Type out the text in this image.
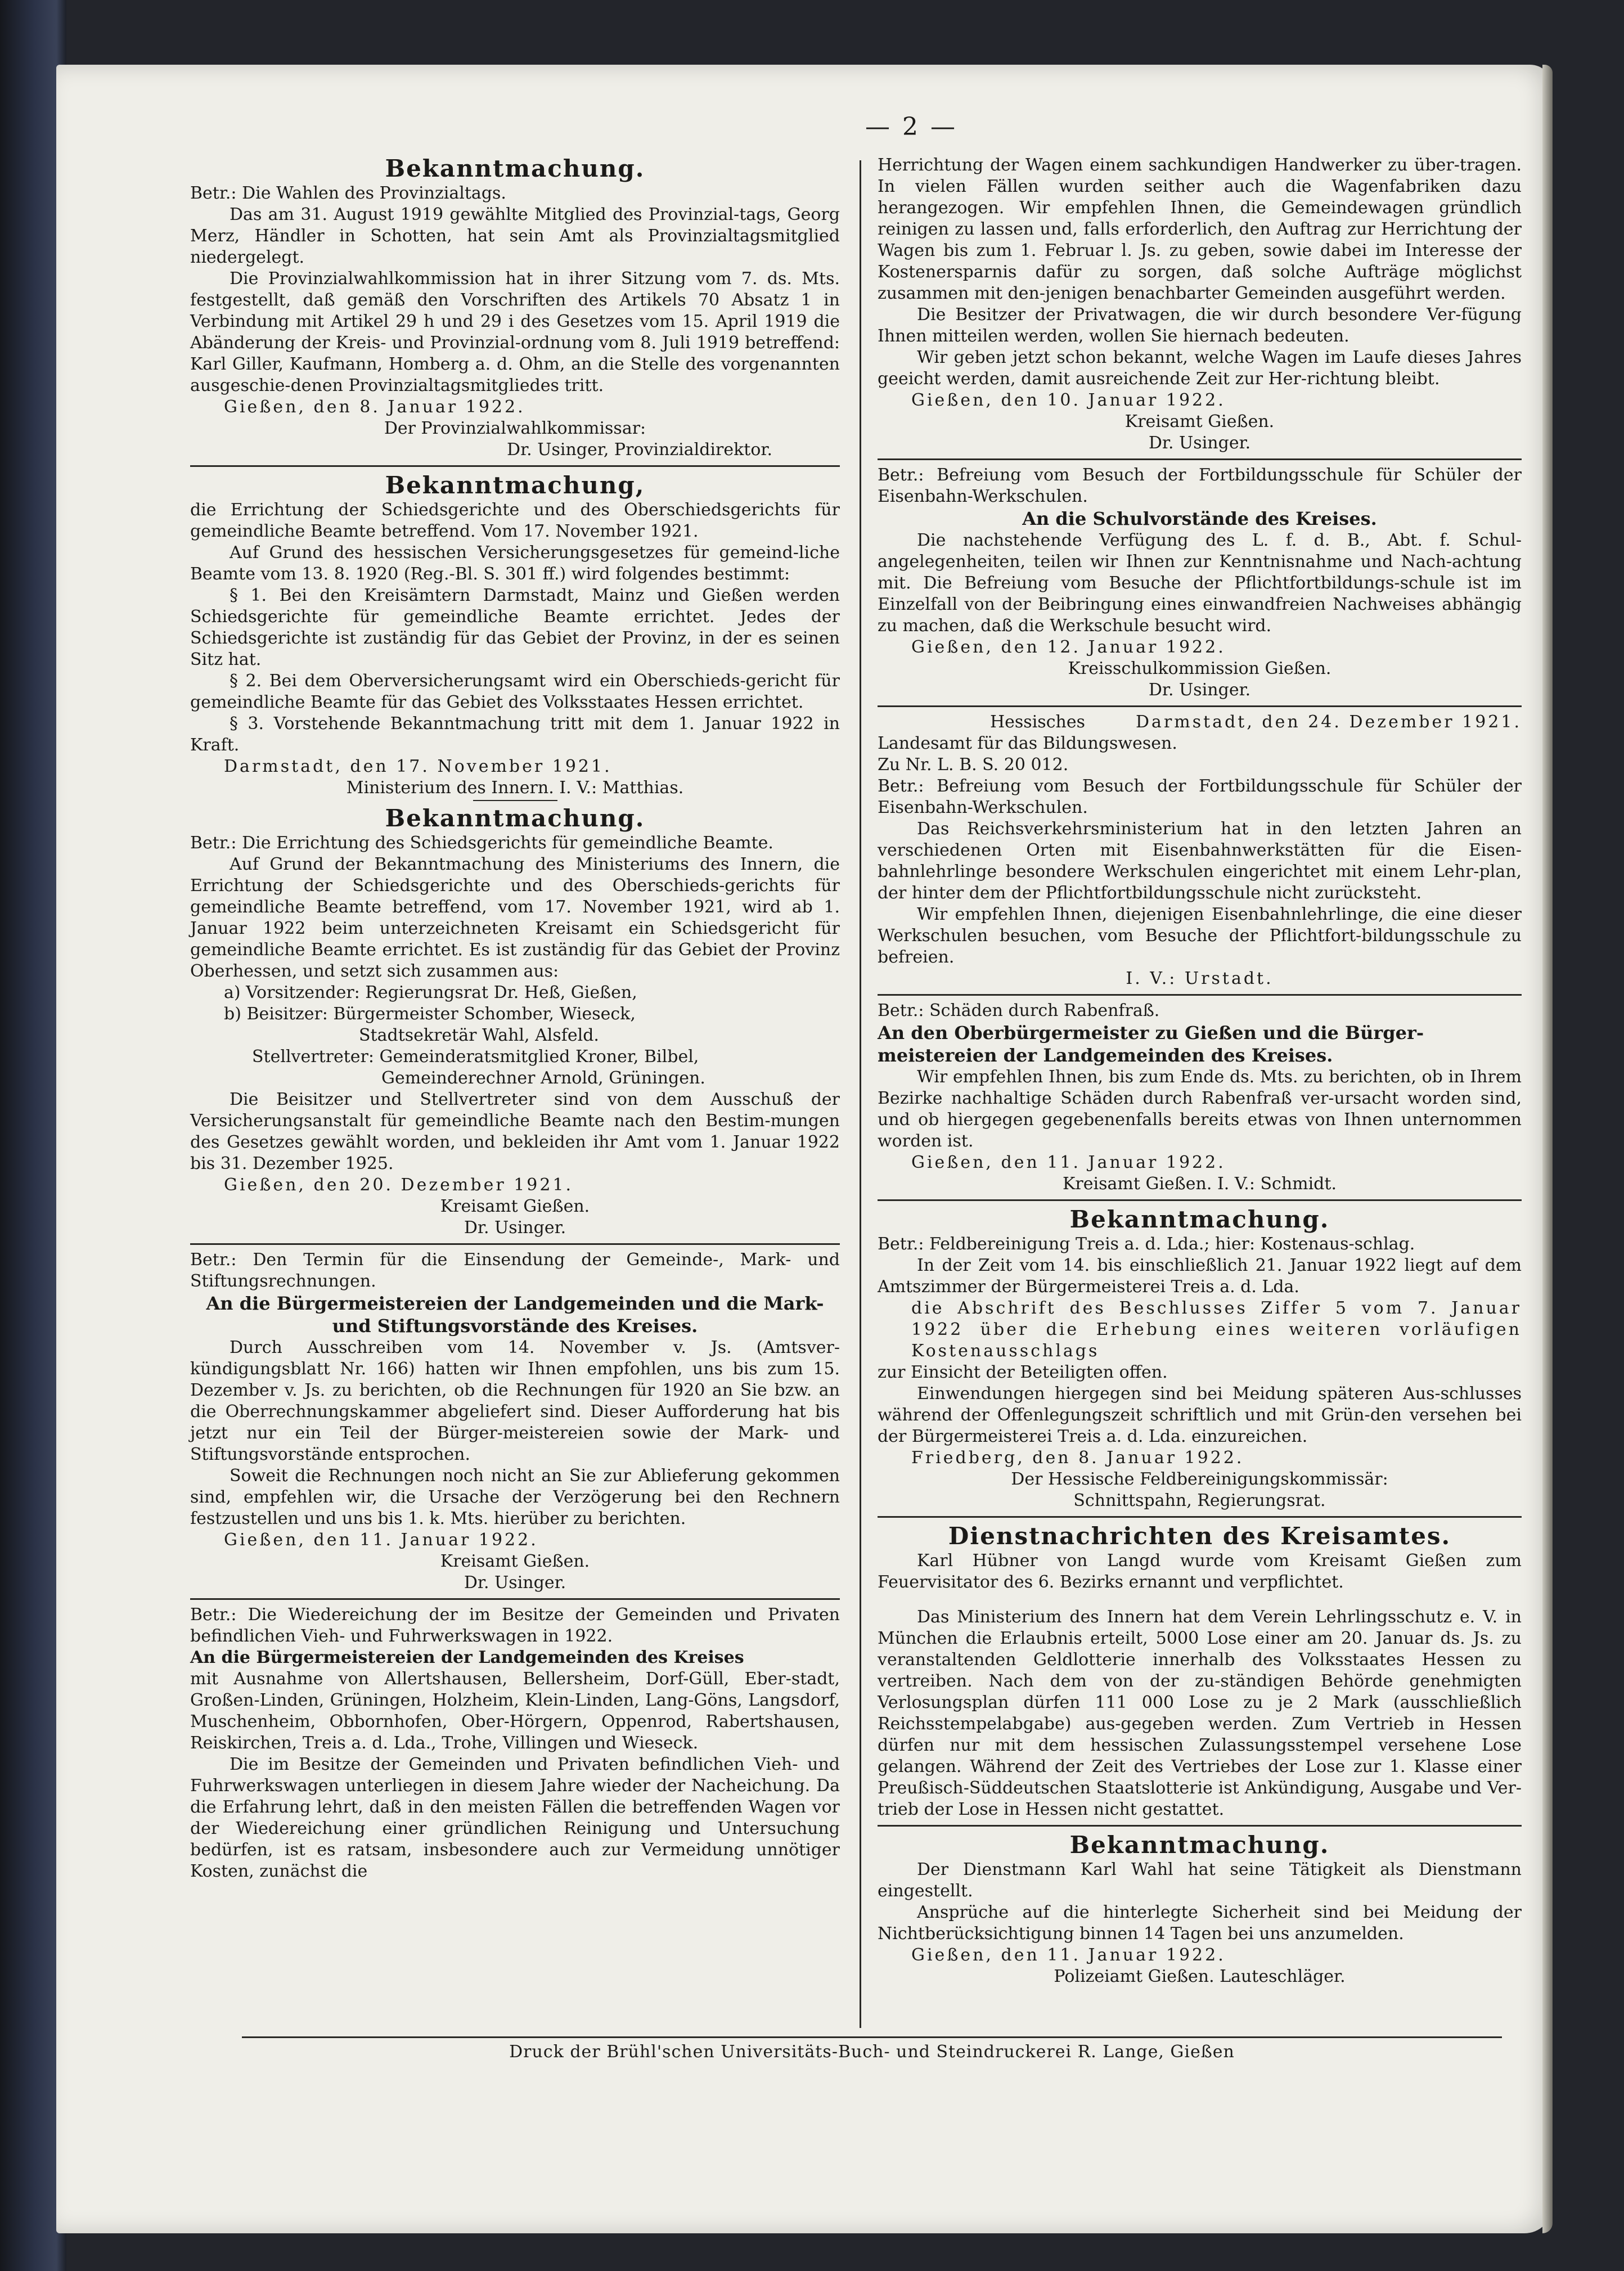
— 2 —
Bekanntmachung.
Betr.: Die Wahlen des Provinzialtags.
Das am 31. August 1919 gewählte Mitglied des Provinzial-tags, Georg Merz, Händler in Schotten, hat sein Amt als Provinzialtagsmitglied niedergelegt.
Die Provinzialwahlkommission hat in ihrer Sitzung vom 7. ds. Mts. festgestellt, daß gemäß den Vorschriften des Artikels 70 Absatz 1 in Verbindung mit Artikel 29 h und 29 i des Gesetzes vom 15. April 1919 die Abänderung der Kreis- und Provinzial-ordnung vom 8. Juli 1919 betreffend: Karl Giller, Kaufmann, Homberg a. d. Ohm, an die Stelle des vorgenannten ausgeschie-denen Provinzialtagsmitgliedes tritt.
Gießen, den 8. Januar 1922.
Der Provinzialwahlkommissar:
Dr. Usinger, Provinzialdirektor.
Bekanntmachung,
die Errichtung der Schiedsgerichte und des Oberschiedsgerichts für gemeindliche Beamte betreffend. Vom 17. November 1921.
Auf Grund des hessischen Versicherungsgesetzes für gemeind-liche Beamte vom 13. 8. 1920 (Reg.-Bl. S. 301 ff.) wird folgendes bestimmt:
§ 1. Bei den Kreisämtern Darmstadt, Mainz und Gießen werden Schiedsgerichte für gemeindliche Beamte errichtet. Jedes der Schiedsgerichte ist zuständig für das Gebiet der Provinz, in der es seinen Sitz hat.
§ 2. Bei dem Oberversicherungsamt wird ein Oberschieds-gericht für gemeindliche Beamte für das Gebiet des Volksstaates Hessen errichtet.
§ 3. Vorstehende Bekanntmachung tritt mit dem 1. Januar 1922 in Kraft.
Darmstadt, den 17. November 1921.
Ministerium des Innern. I. V.: Matthias.
Bekanntmachung.
Betr.: Die Errichtung des Schiedsgerichts für gemeindliche Beamte.
Auf Grund der Bekanntmachung des Ministeriums des Innern, die Errichtung der Schiedsgerichte und des Oberschieds-gerichts für gemeindliche Beamte betreffend, vom 17. November 1921, wird ab 1. Januar 1922 beim unterzeichneten Kreisamt ein Schiedsgericht für gemeindliche Beamte errichtet. Es ist zuständig für das Gebiet der Provinz Oberhessen, und setzt sich zusammen aus:
a) Vorsitzender: Regierungsrat Dr. Heß, Gießen,
b) Beisitzer: Bürgermeister Schomber, Wieseck,
Stadtsekretär Wahl, Alsfeld.
Stellvertreter: Gemeinderatsmitglied Kroner, Bilbel,
Gemeinderechner Arnold, Grüningen.
Die Beisitzer und Stellvertreter sind von dem Ausschuß der Versicherungsanstalt für gemeindliche Beamte nach den Bestim-mungen des Gesetzes gewählt worden, und bekleiden ihr Amt vom 1. Januar 1922 bis 31. Dezember 1925.
Gießen, den 20. Dezember 1921.
Kreisamt Gießen.
Dr. Usinger.
Betr.: Den Termin für die Einsendung der Gemeinde-, Mark- und Stiftungsrechnungen.
An die Bürgermeistereien der Landgemeinden und die Mark- und Stiftungsvorstände des Kreises.
Durch Ausschreiben vom 14. November v. Js. (Amtsver-kündigungsblatt Nr. 166) hatten wir Ihnen empfohlen, uns bis zum 15. Dezember v. Js. zu berichten, ob die Rechnungen für 1920 an Sie bzw. an die Oberrechnungskammer abgeliefert sind. Dieser Aufforderung hat bis jetzt nur ein Teil der Bürger-meistereien sowie der Mark- und Stiftungsvorstände entsprochen.
Soweit die Rechnungen noch nicht an Sie zur Ablieferung gekommen sind, empfehlen wir, die Ursache der Verzögerung bei den Rechnern festzustellen und uns bis 1. k. Mts. hierüber zu berichten.
Gießen, den 11. Januar 1922.
Kreisamt Gießen.
Dr. Usinger.
Betr.: Die Wiedereichung der im Besitze der Gemeinden und Privaten befindlichen Vieh- und Fuhrwerkswagen in 1922.
An die Bürgermeistereien der Landgemeinden des Kreises
mit Ausnahme von Allertshausen, Bellersheim, Dorf-Güll, Eber-stadt, Großen-Linden, Grüningen, Holzheim, Klein-Linden, Lang-Göns, Langsdorf, Muschenheim, Obbornhofen, Ober-Hörgern, Oppenrod, Rabertshausen, Reiskirchen, Treis a. d. Lda., Trohe, Villingen und Wieseck.
Die im Besitze der Gemeinden und Privaten befindlichen Vieh- und Fuhrwerkswagen unterliegen in diesem Jahre wieder der Nacheichung. Da die Erfahrung lehrt, daß in den meisten Fällen die betreffenden Wagen vor der Wiedereichung einer gründlichen Reinigung und Untersuchung bedürfen, ist es ratsam, insbesondere auch zur Vermeidung unnötiger Kosten, zunächst die
Herrichtung der Wagen einem sachkundigen Handwerker zu über-tragen. In vielen Fällen wurden seither auch die Wagenfabriken dazu herangezogen. Wir empfehlen Ihnen, die Gemeindewagen gründlich reinigen zu lassen und, falls erforderlich, den Auftrag zur Herrichtung der Wagen bis zum 1. Februar l. Js. zu geben, sowie dabei im Interesse der Kostenersparnis dafür zu sorgen, daß solche Aufträge möglichst zusammen mit den-jenigen benachbarter Gemeinden ausgeführt werden.
Die Besitzer der Privatwagen, die wir durch besondere Ver-fügung Ihnen mitteilen werden, wollen Sie hiernach bedeuten.
Wir geben jetzt schon bekannt, welche Wagen im Laufe dieses Jahres geeicht werden, damit ausreichende Zeit zur Her-richtung bleibt.
Gießen, den 10. Januar 1922.
Kreisamt Gießen.
Dr. Usinger.
Betr.: Befreiung vom Besuch der Fortbildungsschule für Schüler der Eisenbahn-Werkschulen.
An die Schulvorstände des Kreises.
Die nachstehende Verfügung des L. f. d. B., Abt. f. Schul-angelegenheiten, teilen wir Ihnen zur Kenntnisnahme und Nach-achtung mit. Die Befreiung vom Besuche der Pflichtfortbildungs-schule ist im Einzelfall von der Beibringung eines einwandfreien Nachweises abhängig zu machen, daß die Werkschule besucht wird.
Gießen, den 12. Januar 1922.
Kreisschulkommission Gießen.
Dr. Usinger.
Hessisches	Darmstadt, den 24. Dezember 1921.
Landesamt für das Bildungswesen.
Zu Nr. L. B. S. 20 012.
Betr.: Befreiung vom Besuch der Fortbildungsschule für Schüler der Eisenbahn-Werkschulen.
Das Reichsverkehrsministerium hat in den letzten Jahren an verschiedenen Orten mit Eisenbahnwerkstätten für die Eisen-bahnlehrlinge besondere Werkschulen eingerichtet mit einem Lehr-plan, der hinter dem der Pflichtfortbildungsschule nicht zurücksteht.
Wir empfehlen Ihnen, diejenigen Eisenbahnlehrlinge, die eine dieser Werkschulen besuchen, vom Besuche der Pflichtfort-bildungsschule zu befreien.
I. V.: Urstadt.
Betr.: Schäden durch Rabenfraß.
An den Oberbürgermeister zu Gießen und die Bürger-meistereien der Landgemeinden des Kreises.
Wir empfehlen Ihnen, bis zum Ende ds. Mts. zu berichten, ob in Ihrem Bezirke nachhaltige Schäden durch Rabenfraß ver-ursacht worden sind, und ob hiergegen gegebenenfalls bereits etwas von Ihnen unternommen worden ist.
Gießen, den 11. Januar 1922.
Kreisamt Gießen. I. V.: Schmidt.
Bekanntmachung.
Betr.: Feldbereinigung Treis a. d. Lda.; hier: Kostenaus-schlag.
In der Zeit vom 14. bis einschließlich 21. Januar 1922 liegt auf dem Amtszimmer der Bürgermeisterei Treis a. d. Lda.
die Abschrift des Beschlusses Ziffer 5 vom 7. Januar 1922 über die Erhebung eines weiteren vorläufigen Kostenausschlags
zur Einsicht der Beteiligten offen.
Einwendungen hiergegen sind bei Meidung späteren Aus-schlusses während der Offenlegungszeit schriftlich und mit Grün-den versehen bei der Bürgermeisterei Treis a. d. Lda. einzureichen.
Friedberg, den 8. Januar 1922.
Der Hessische Feldbereinigungskommissär:
Schnittspahn, Regierungsrat.
Dienstnachrichten des Kreisamtes.
Karl Hübner von Langd wurde vom Kreisamt Gießen zum Feuervisitator des 6. Bezirks ernannt und verpflichtet.
Das Ministerium des Innern hat dem Verein Lehrlingsschutz e. V. in München die Erlaubnis erteilt, 5000 Lose einer am 20. Januar ds. Js. zu veranstaltenden Geldlotterie innerhalb des Volksstaates Hessen zu vertreiben. Nach dem von der zu-ständigen Behörde genehmigten Verlosungsplan dürfen 111 000 Lose zu je 2 Mark (ausschließlich Reichsstempelabgabe) aus-gegeben werden. Zum Vertrieb in Hessen dürfen nur mit dem hessischen Zulassungsstempel versehene Lose gelangen. Während der Zeit des Vertriebes der Lose zur 1. Klasse einer Preußisch-Süddeutschen Staatslotterie ist Ankündigung, Ausgabe und Ver-trieb der Lose in Hessen nicht gestattet.
Bekanntmachung.
Der Dienstmann Karl Wahl hat seine Tätigkeit als Dienstmann eingestellt.
Ansprüche auf die hinterlegte Sicherheit sind bei Meidung der Nichtberücksichtigung binnen 14 Tagen bei uns anzumelden.
Gießen, den 11. Januar 1922.
Polizeiamt Gießen. Lauteschläger.
Druck der Brühl'schen Universitäts-Buch- und Steindruckerei R. Lange, Gießen
